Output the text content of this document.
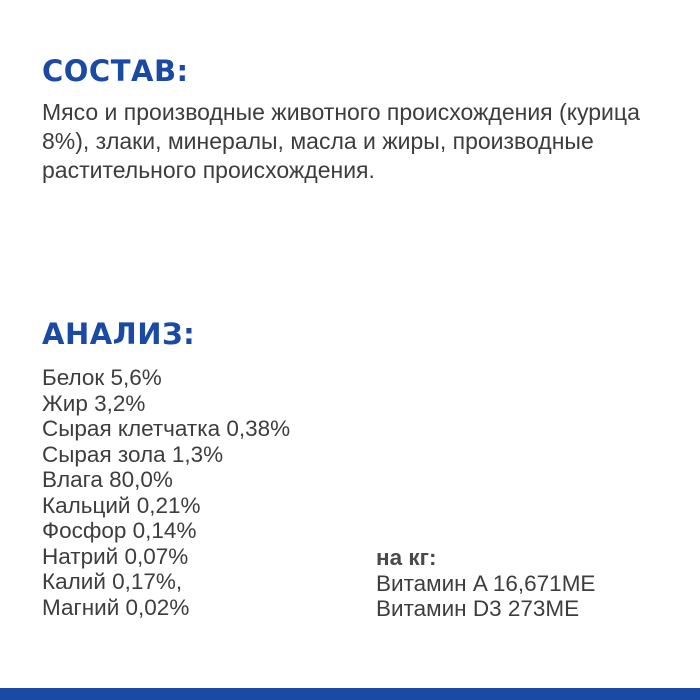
СОСТАВ:

Мясо и производные животного происхождения (курица 8%), злаки, минералы, масла и жиры, производные растительного происхождения.

АНАЛИЗ:
Белок 5,6%
Жир 3,2%
Сырая клетчатка 0,38%
Сырая зола 1,3%
Влага 80,0%
Кальций 0,21%
Фосфор 0,14%
Натрий 0,07%
Калий 0,17%,
Магний 0,02%
на кг:
Витамин A 16,671МЕ
Витамин D3 273МЕ
